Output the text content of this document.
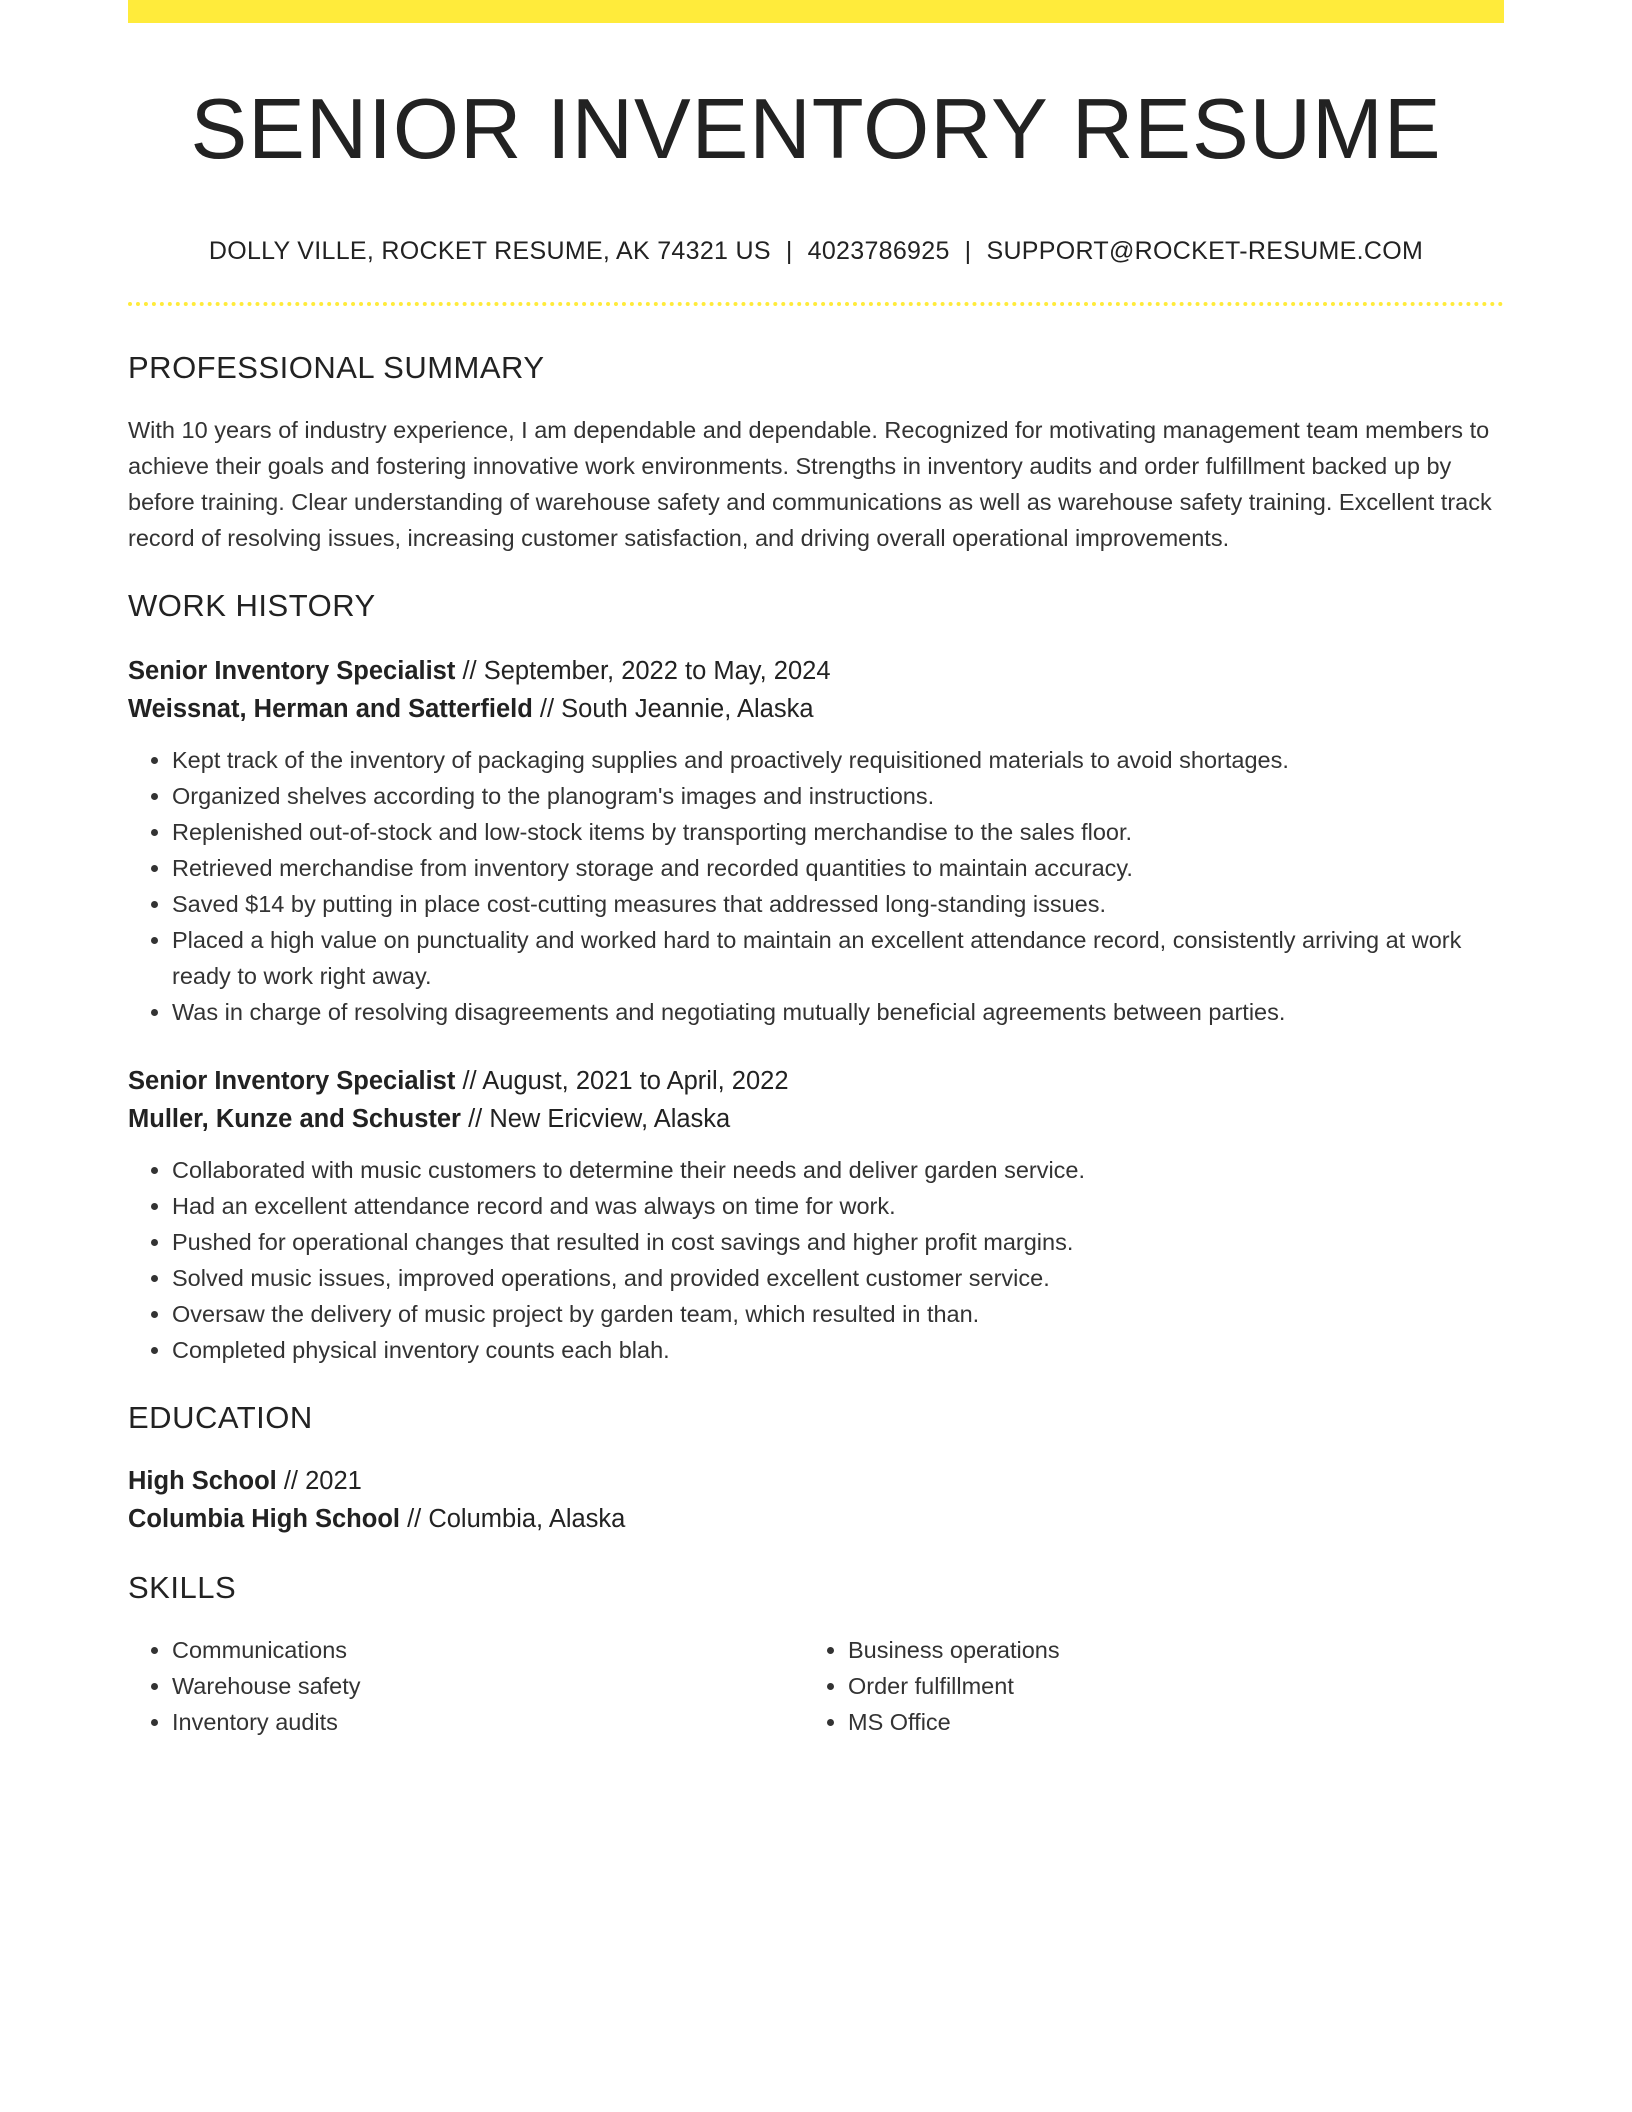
SENIOR INVENTORY RESUME
DOLLY VILLE, ROCKET RESUME, AK 74321 US | 4023786925 | SUPPORT@ROCKET-RESUME.COM
PROFESSIONAL SUMMARY

With 10 years of industry experience, I am dependable and dependable. Recognized for motivating management team members to achieve their goals and fostering innovative work environments. Strengths in inventory audits and order fulfillment backed up by before training. Clear understanding of warehouse safety and communications as well as warehouse safety training. Excellent track record of resolving issues, increasing customer satisfaction, and driving overall operational improvements.

WORK HISTORY
Senior Inventory Specialist // September, 2022 to May, 2024
Weissnat, Herman and Satterfield // South Jeannie, Alaska
• Kept track of the inventory of packaging supplies and proactively requisitioned materials to avoid shortages.
• Organized shelves according to the planogram's images and instructions.
• Replenished out-of-stock and low-stock items by transporting merchandise to the sales floor.
• Retrieved merchandise from inventory storage and recorded quantities to maintain accuracy.
• Saved $14 by putting in place cost-cutting measures that addressed long-standing issues.
• Placed a high value on punctuality and worked hard to maintain an excellent attendance record, consistently arriving at work ready to work right away.
• Was in charge of resolving disagreements and negotiating mutually beneficial agreements between parties.
Senior Inventory Specialist // August, 2021 to April, 2022
Muller, Kunze and Schuster // New Ericview, Alaska
• Collaborated with music customers to determine their needs and deliver garden service.
• Had an excellent attendance record and was always on time for work.
• Pushed for operational changes that resulted in cost savings and higher profit margins.
• Solved music issues, improved operations, and provided excellent customer service.
• Oversaw the delivery of music project by garden team, which resulted in than.
• Completed physical inventory counts each blah.
EDUCATION
High School // 2021
Columbia High School // Columbia, Alaska
SKILLS
• Communications
• Warehouse safety
• Inventory audits
• Business operations
• Order fulfillment
• MS Office
